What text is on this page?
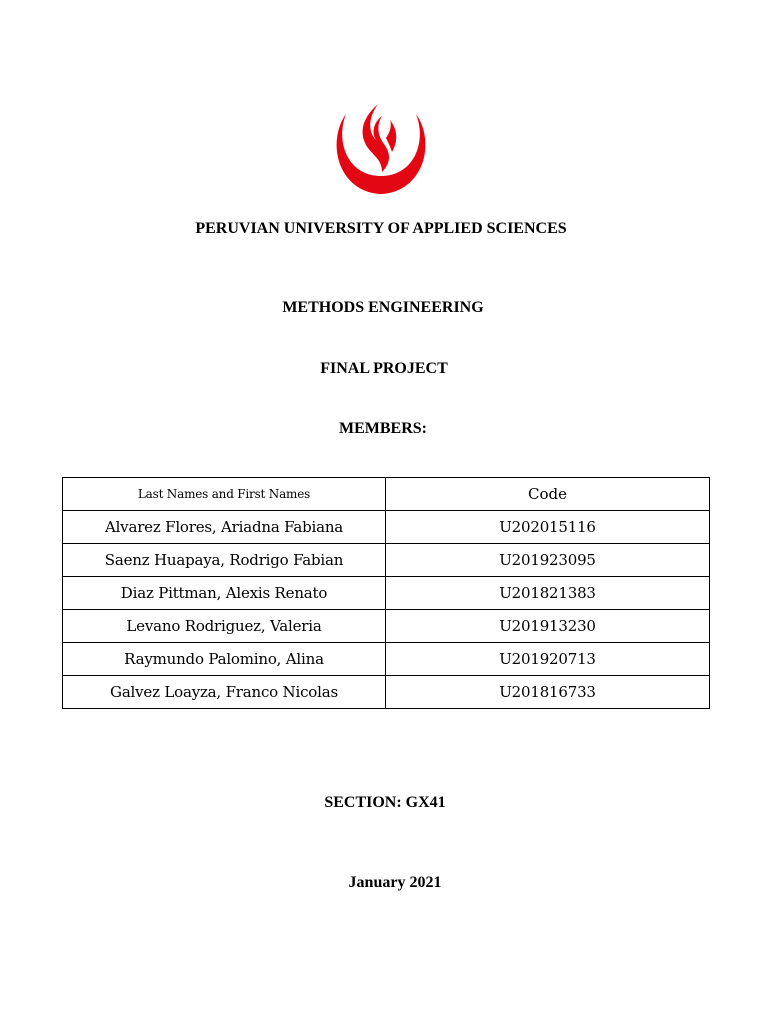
PERUVIAN UNIVERSITY OF APPLIED SCIENCES
METHODS ENGINEERING
FINAL PROJECT
MEMBERS:
Last Names and First Names	Code
Alvarez Flores, Ariadna Fabiana	U202015116
Saenz Huapaya, Rodrigo Fabian	U201923095
Diaz Pittman, Alexis Renato	U201821383
Levano Rodriguez, Valeria	U201913230
Raymundo Palomino, Alina	U201920713
Galvez Loayza, Franco Nicolas	U201816733
SECTION: GX41
January 2021
